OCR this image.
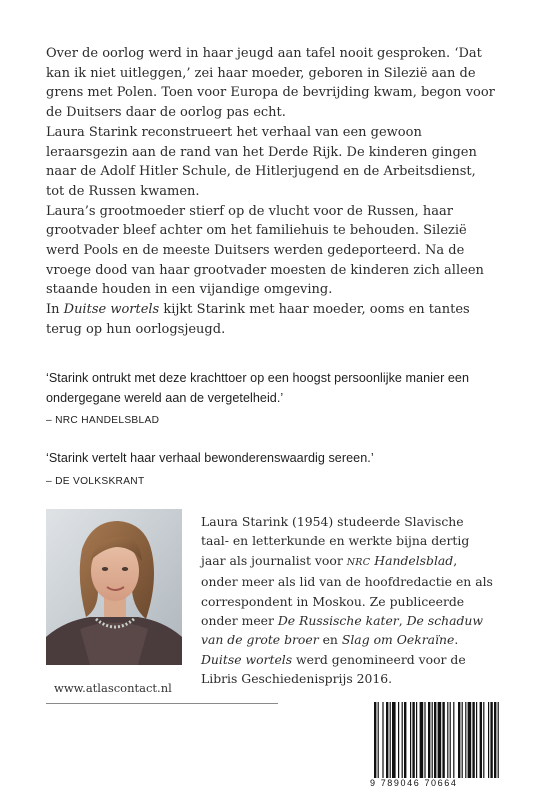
Over de oorlog werd in haar jeugd aan tafel nooit gesproken. ‘Dat kan ik niet uitleggen,’ zei haar moeder, geboren in Silezië aan de grens met Polen. Toen voor Europa de bevrijding kwam, begon voor de Duitsers daar de oorlog pas echt.

Laura Starink reconstrueert het verhaal van een gewoon leraarsgezin aan de rand van het Derde Rijk. De kinderen gingen naar de Adolf Hitler Schule, de Hitlerjugend en de Arbeitsdienst, tot de Russen kwamen.

Laura’s grootmoeder stierf op de vlucht voor de Russen, haar grootvader bleef achter om het familiehuis te behouden. Silezië werd Pools en de meeste Duitsers werden gedeporteerd. Na de vroege dood van haar grootvader moesten de kinderen zich alleen staande houden in een vijandige omgeving.

In Duitse wortels kijkt Starink met haar moeder, ooms en tantes terug op hun oorlogsjeugd.

‘Starink ontrukt met deze krachttoer op een hoogst persoonlijke manier een ondergegane wereld aan de vergetelheid.’
– NRC HANDELSBLAD
‘Starink vertelt haar verhaal bewonderenswaardig sereen.’
– DE VOLKSKRANT

Laura Starink (1954) studeerde Slavische taal- en letterkunde en werkte bijna dertig jaar als journalist voor NRC Handelsblad, onder meer als lid van de hoofdredactie en als correspondent in Moskou. Ze publiceerde onder meer De Russische kater, De schaduw van de grote broer en Slag om Oekraïne. Duitse wortels werd genomineerd voor de Libris Geschiedenisprijs 2016.

www.atlascontact.nl
9 789046 70664
